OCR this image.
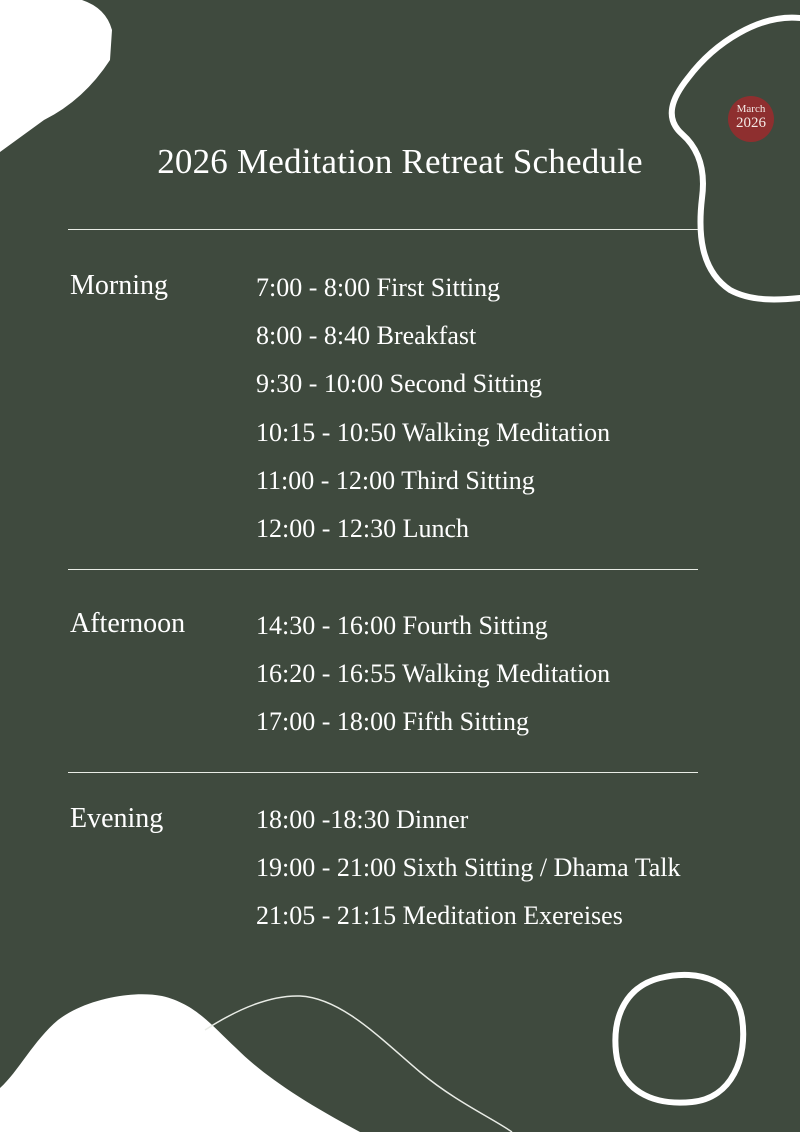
March
2026
2026 Meditation Retreat Schedule
Morning	7:00 - 8:00 First Sitting
8:00 - 8:40 Breakfast
9:30 - 10:00 Second Sitting
10:15 - 10:50 Walking Meditation
11:00 - 12:00 Third Sitting
12:00 - 12:30 Lunch
Afternoon	14:30 - 16:00 Fourth Sitting
16:20 - 16:55 Walking Meditation
17:00 - 18:00 Fifth Sitting
Evening	18:00 -18:30 Dinner
19:00 - 21:00 Sixth Sitting / Dhama Talk
21:05 - 21:15 Meditation Exereises
